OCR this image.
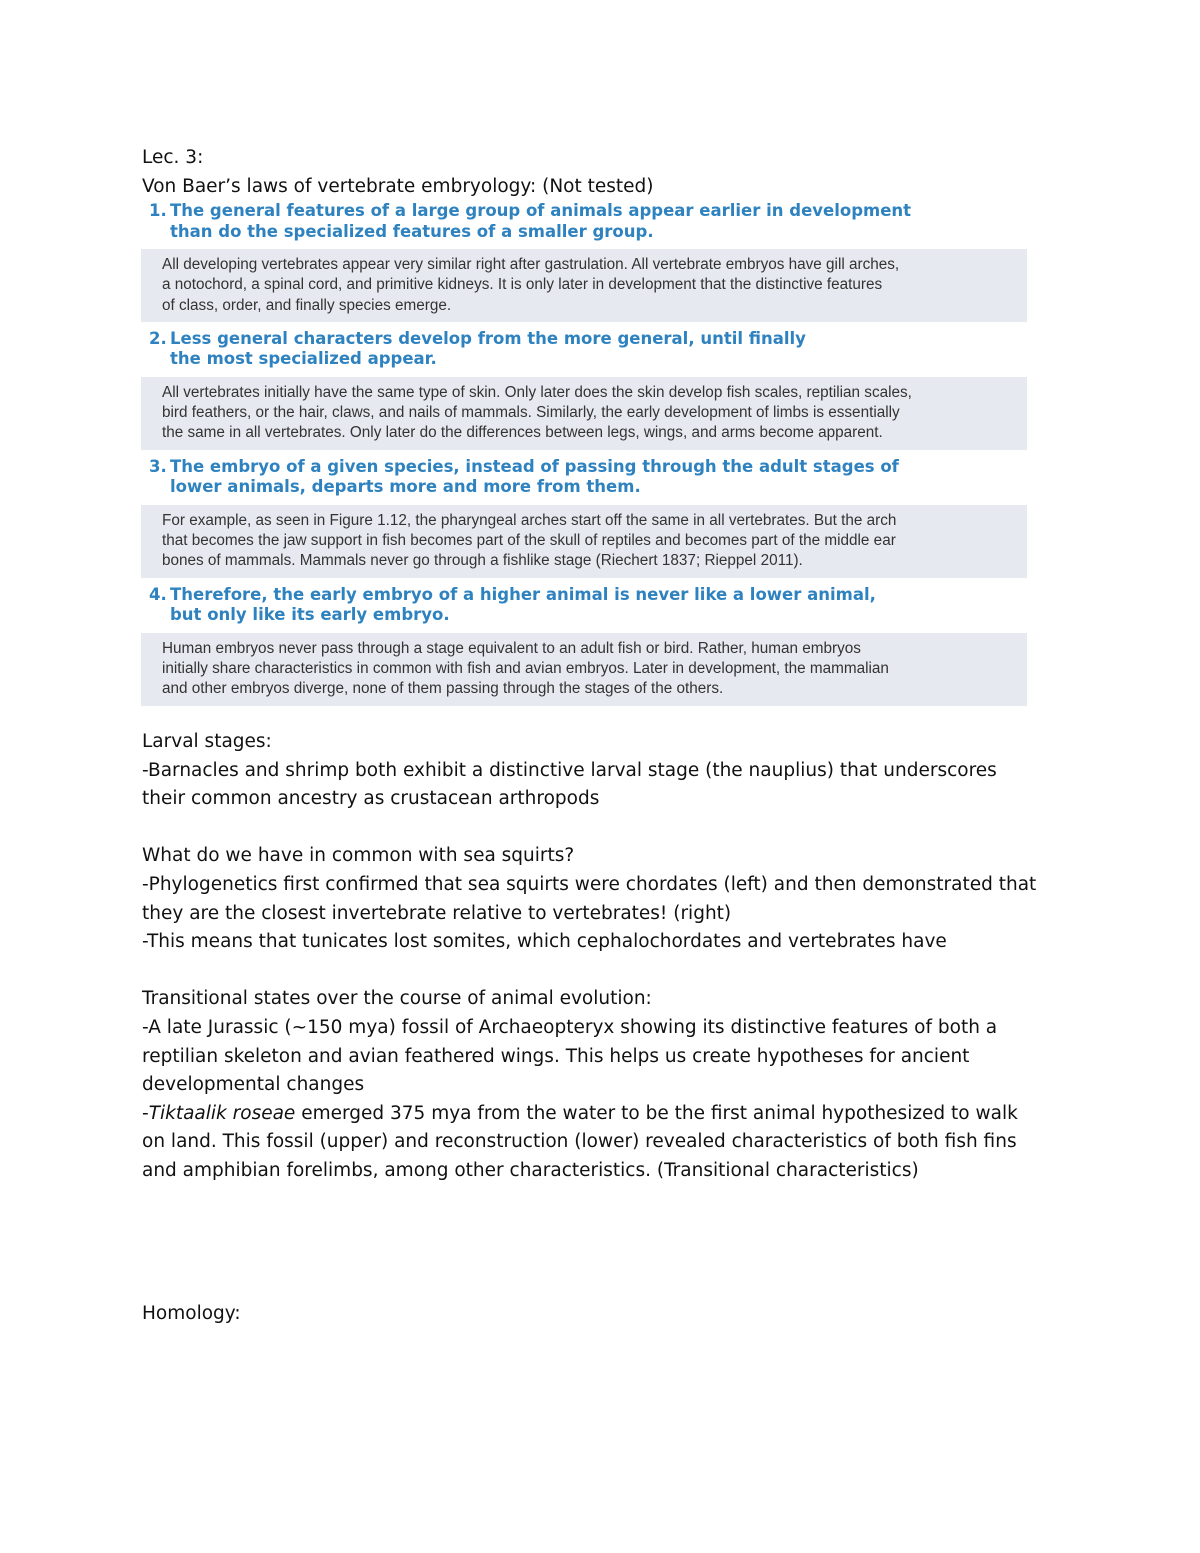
Lec. 3:
Von Baer’s laws of vertebrate embryology: (Not tested)
1. The general features of a large group of animals appear earlier in development
than do the specialized features of a smaller group.
All developing vertebrates appear very similar right after gastrulation. All vertebrate embryos have gill arches,
a notochord, a spinal cord, and primitive kidneys. It is only later in development that the distinctive features
of class, order, and finally species emerge.
2. Less general characters develop from the more general, until finally
the most specialized appear.
All vertebrates initially have the same type of skin. Only later does the skin develop fish scales, reptilian scales,
bird feathers, or the hair, claws, and nails of mammals. Similarly, the early development of limbs is essentially
the same in all vertebrates. Only later do the differences between legs, wings, and arms become apparent.
3. The embryo of a given species, instead of passing through the adult stages of
lower animals, departs more and more from them.
For example, as seen in Figure 1.12, the pharyngeal arches start off the same in all vertebrates. But the arch
that becomes the jaw support in fish becomes part of the skull of reptiles and becomes part of the middle ear
bones of mammals. Mammals never go through a fishlike stage (Riechert 1837; Rieppel 2011).
4. Therefore, the early embryo of a higher animal is never like a lower animal,
but only like its early embryo.
Human embryos never pass through a stage equivalent to an adult fish or bird. Rather, human embryos
initially share characteristics in common with fish and avian embryos. Later in development, the mammalian
and other embryos diverge, none of them passing through the stages of the others.
Larval stages:
-Barnacles and shrimp both exhibit a distinctive larval stage (the nauplius) that underscores
their common ancestry as crustacean arthropods
What do we have in common with sea squirts?
-Phylogenetics first confirmed that sea squirts were chordates (left) and then demonstrated that
they are the closest invertebrate relative to vertebrates! (right)
-This means that tunicates lost somites, which cephalochordates and vertebrates have
Transitional states over the course of animal evolution:
-A late Jurassic (~150 mya) fossil of Archaeopteryx showing its distinctive features of both a
reptilian skeleton and avian feathered wings. This helps us create hypotheses for ancient
developmental changes
-Tiktaalik roseae emerged 375 mya from the water to be the first animal hypothesized to walk
on land. This fossil (upper) and reconstruction (lower) revealed characteristics of both fish fins
and amphibian forelimbs, among other characteristics. (Transitional characteristics)
Homology:
